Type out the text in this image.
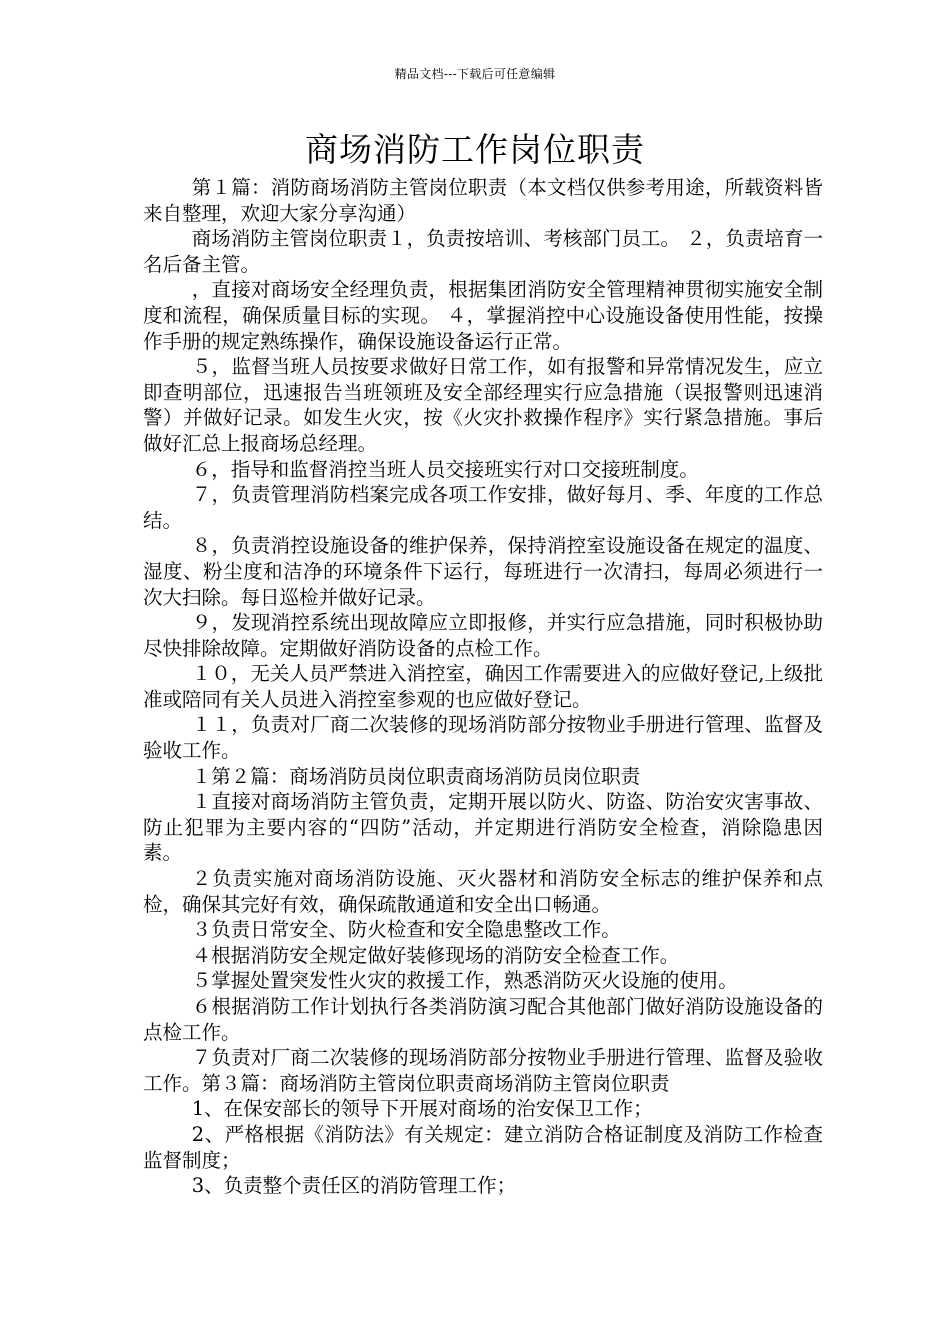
精品文档---下载后可任意编辑
商场消防工作岗位职责

第１篇：消防商场消防主管岗位职责（本文档仅供参考用途，所载资料皆来自整理，欢迎大家分享沟通）

商场消防主管岗位职责１，负责按培训、考核部门员工。 ２，负责培育一名后备主管。

，直接对商场安全经理负责，根据集团消防安全管理精神贯彻实施安全制度和流程，确保质量目标的实现。 ４，掌握消控中心设施设备使用性能，按操作手册的规定熟练操作，确保设施设备运行正常。

５，监督当班人员按要求做好日常工作，如有报警和异常情况发生，应立即查明部位，迅速报告当班领班及安全部经理实行应急措施（误报警则迅速消警）并做好记录。如发生火灾，按《火灾扑救操作程序》实行紧急措施。事后做好汇总上报商场总经理。

６，指导和监督消控当班人员交接班实行对口交接班制度。

７，负责管理消防档案完成各项工作安排，做好每月、季、年度的工作总结。

８，负责消控设施设备的维护保养，保持消控室设施设备在规定的温度、湿度、粉尘度和洁净的环境条件下运行，每班进行一次清扫，每周必须进行一次大扫除。每日巡检并做好记录。

９，发现消控系统出现故障应立即报修，并实行应急措施，同时积极协助尽快排除故障。定期做好消防设备的点检工作。

１０，无关人员严禁进入消控室，确因工作需要进入的应做好登记,上级批准或陪同有关人员进入消控室参观的也应做好登记。

１１，负责对厂商二次装修的现场消防部分按物业手册进行管理、监督及验收工作。

１第２篇：商场消防员岗位职责商场消防员岗位职责

１直接对商场消防主管负责，定期开展以防火、防盗、防治安灾害事故、防止犯罪为主要内容的“四防”活动，并定期进行消防安全检查，消除隐患因素。

２负责实施对商场消防设施、灭火器材和消防安全标志的维护保养和点检，确保其完好有效，确保疏散通道和安全出口畅通。

３负责日常安全、防火检查和安全隐患整改工作。

４根据消防安全规定做好装修现场的消防安全检查工作。

５掌握处置突发性火灾的救援工作，熟悉消防灭火设施的使用。

６根据消防工作计划执行各类消防演习配合其他部门做好消防设施设备的点检工作。

７负责对厂商二次装修的现场消防部分按物业手册进行管理、监督及验收工作。第３篇：商场消防主管岗位职责商场消防主管岗位职责

1、在保安部长的领导下开展对商场的治安保卫工作；

2、严格根据《消防法》有关规定：建立消防合格证制度及消防工作检查监督制度；

3、负责整个责任区的消防管理工作；
